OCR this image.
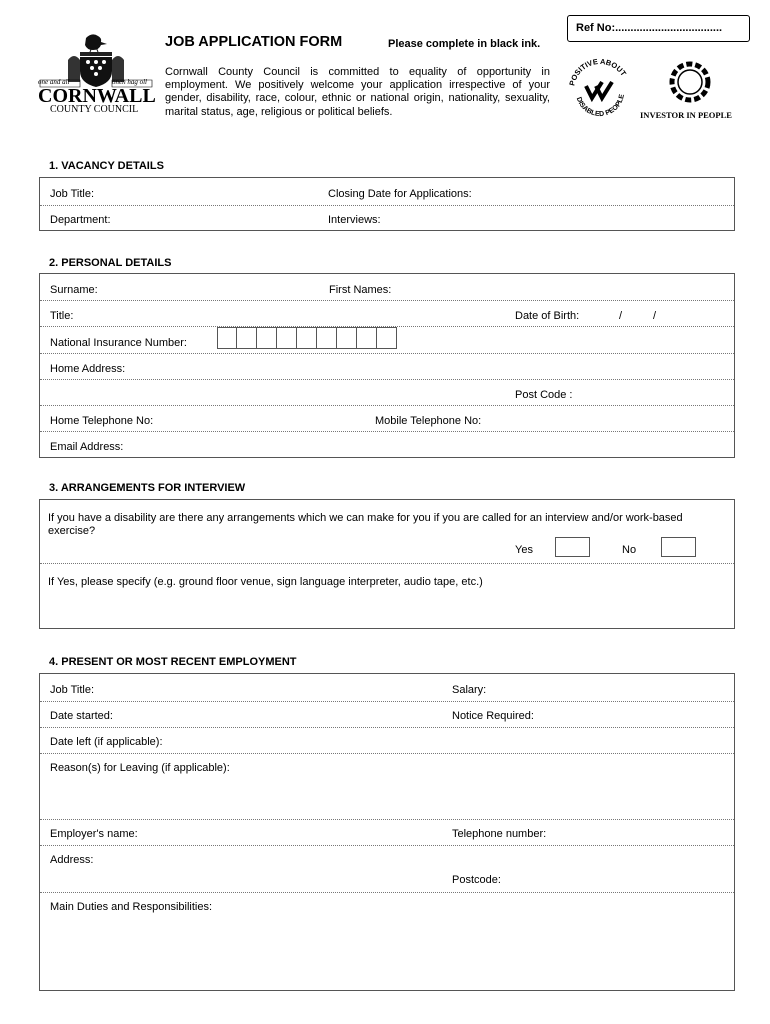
Ref No:...................................
one and all	onen hag oll
CORNWALL
COUNTY COUNCIL
JOB APPLICATION FORM	Please complete in black ink.
Cornwall County Council is committed to equality of opportunity in employment. We positively welcome your application irrespective of your gender, disability, race, colour, ethnic or national origin, nationality, sexuality, marital status, age, religious or political beliefs.
POSITIVE ABOUT
DISABLED PEOPLE
INVESTOR IN PEOPLE
1. VACANCY DETAILS
Job Title:	Closing Date for Applications:
Department:	Interviews:
2. PERSONAL DETAILS
Surname:	First Names:
Title:	Date of Birth:	/	/
National Insurance Number:
Home Address:
Post Code :
Home Telephone No:	Mobile Telephone No:
Email Address:
3. ARRANGEMENTS FOR INTERVIEW
If you have a disability are there any arrangements which we can make for you if you are called for an interview and/or work-based exercise?
Yes	No
If Yes, please specify (e.g. ground floor venue, sign language interpreter, audio tape, etc.)
4. PRESENT OR MOST RECENT EMPLOYMENT
Job Title:	Salary:
Date started:	Notice Required:
Date left (if applicable):
Reason(s) for Leaving (if applicable):
Employer's name:	Telephone number:
Address:
Postcode:
Main Duties and Responsibilities:
